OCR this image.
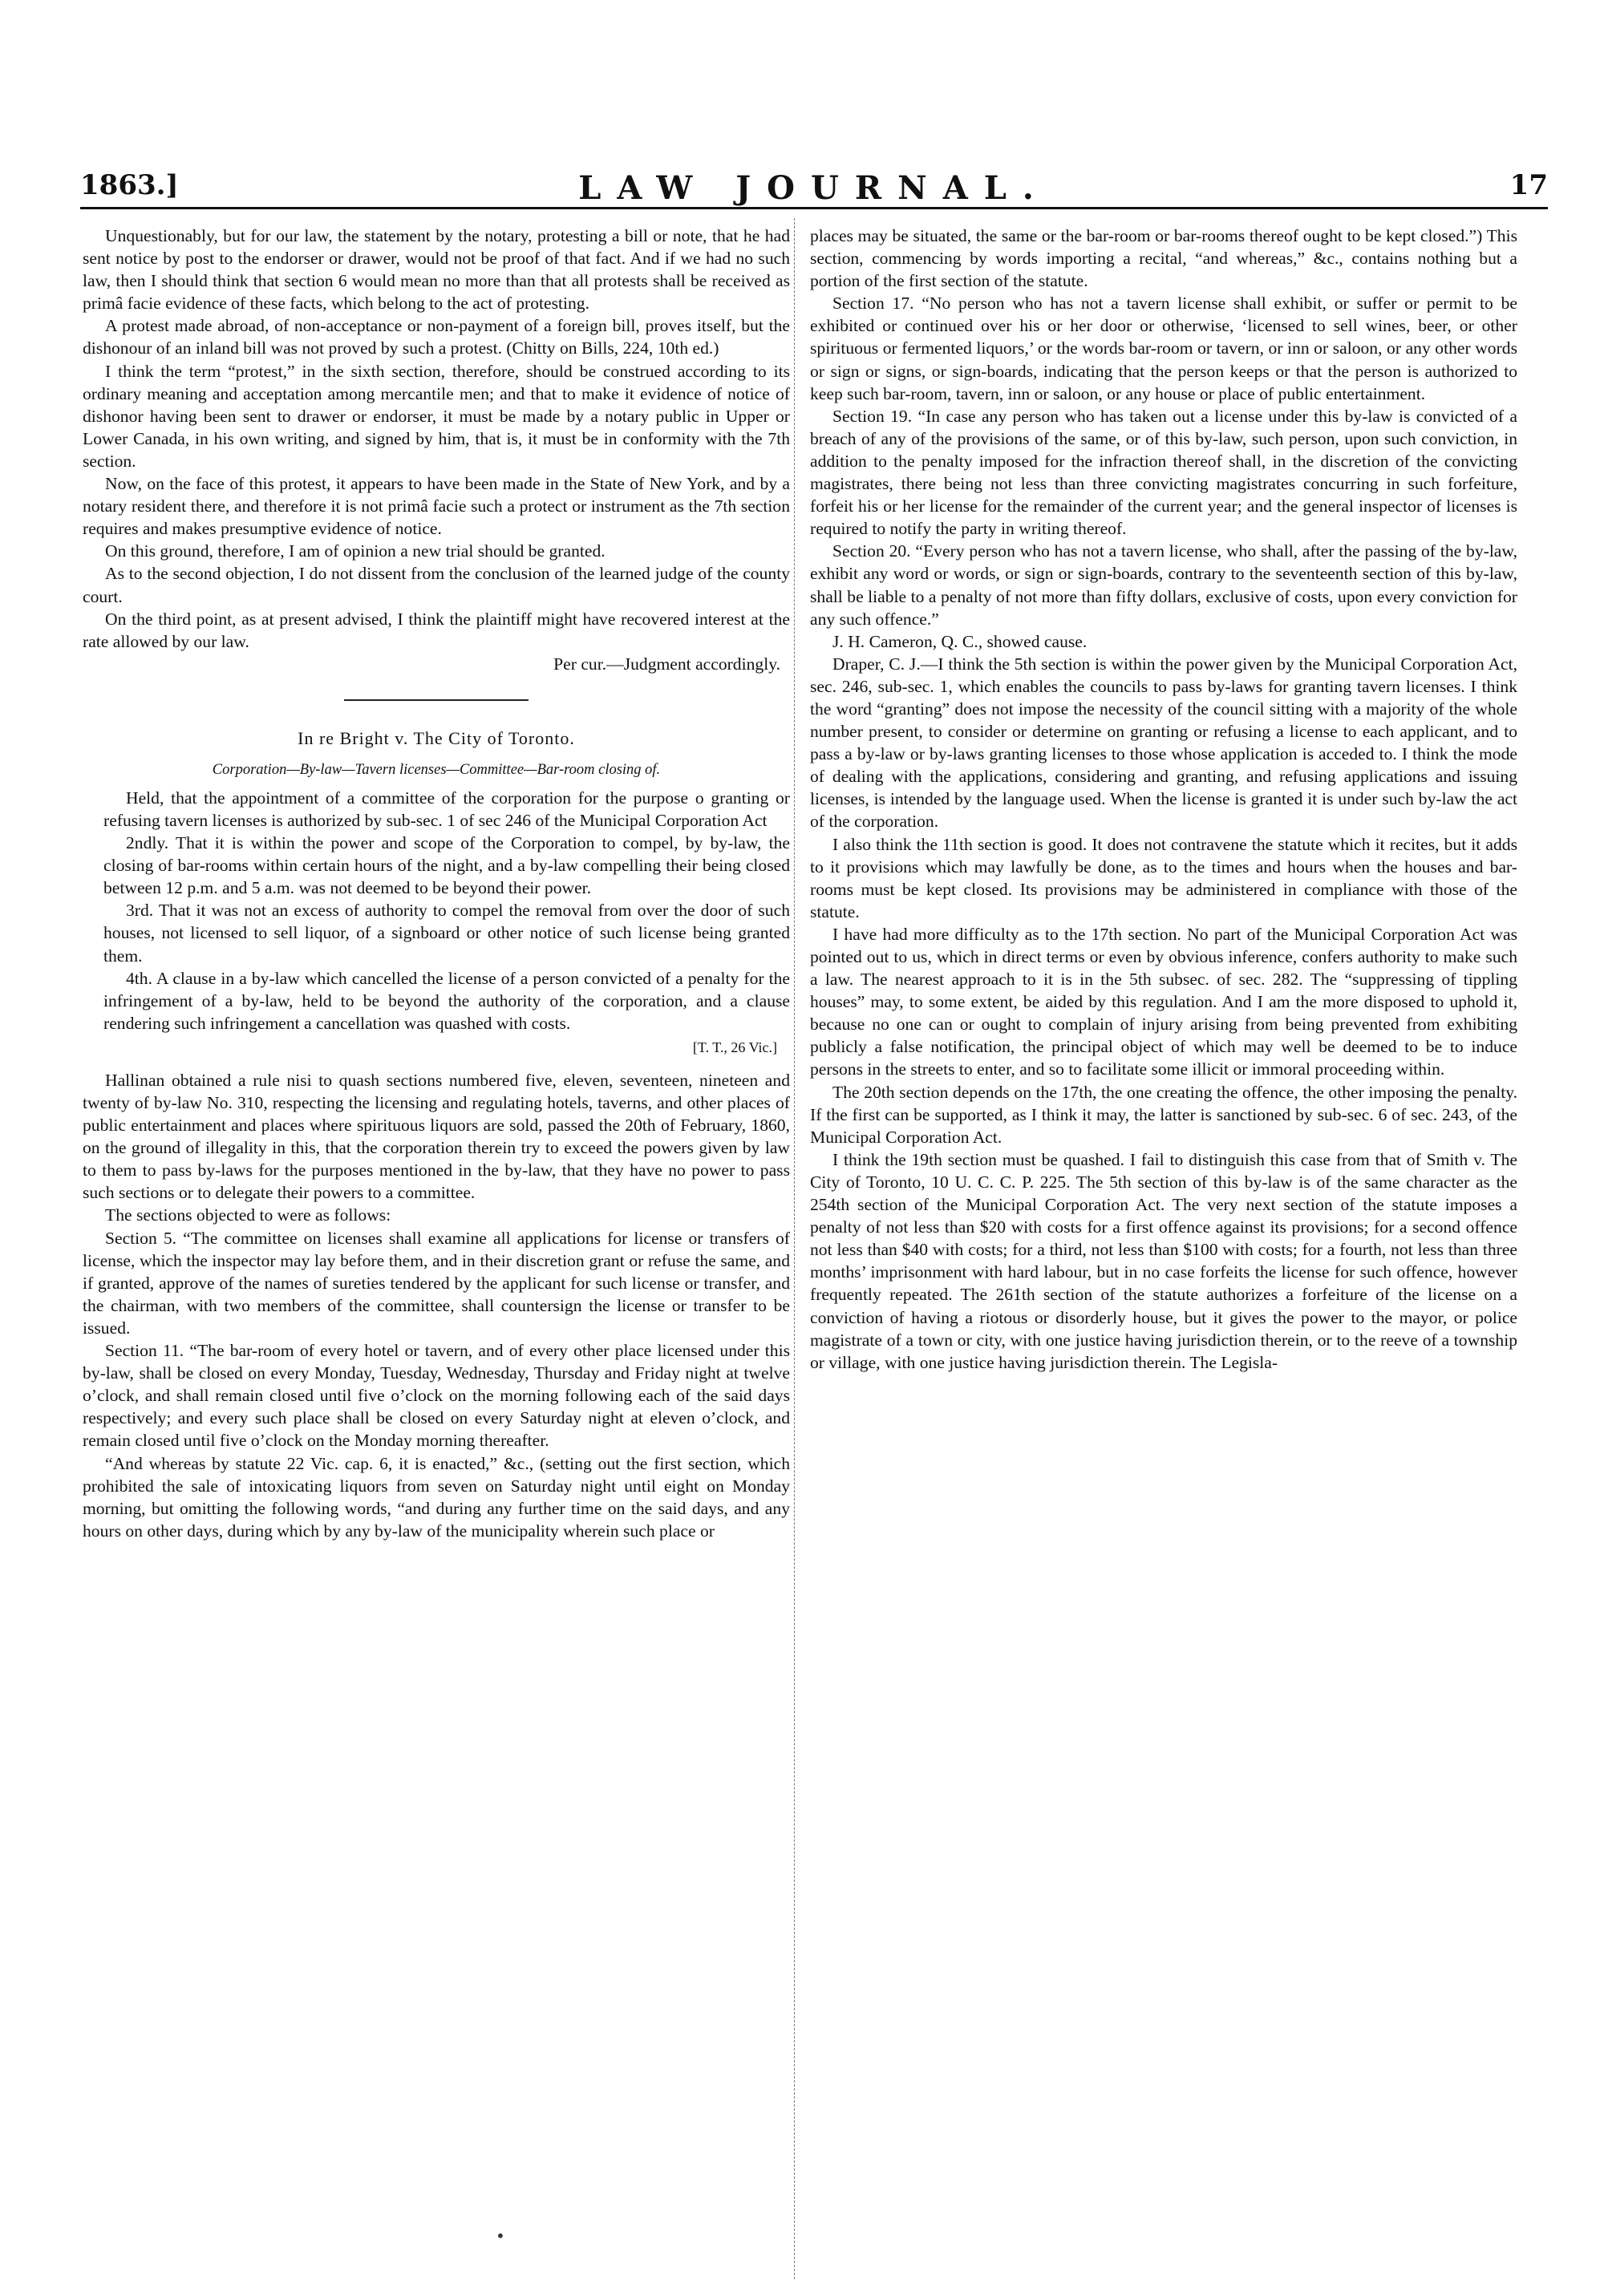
1863.]	LAW JOURNAL.	17

Unquestionably, but for our law, the statement by the notary, protesting a bill or note, that he had sent notice by post to the endorser or drawer, would not be proof of that fact. And if we had no such law, then I should think that section 6 would mean no more than that all protests shall be received as primâ facie evidence of these facts, which belong to the act of protesting.

A protest made abroad, of non-acceptance or non-payment of a foreign bill, proves itself, but the dishonour of an inland bill was not proved by such a protest. (Chitty on Bills, 224, 10th ed.)

I think the term “protest,” in the sixth section, therefore, should be construed according to its ordinary meaning and acceptation among mercantile men; and that to make it evidence of notice of dishonor having been sent to drawer or endorser, it must be made by a notary public in Upper or Lower Canada, in his own writing, and signed by him, that is, it must be in conformity with the 7th section.

Now, on the face of this protest, it appears to have been made in the State of New York, and by a notary resident there, and therefore it is not primâ facie such a protect or instrument as the 7th section requires and makes presumptive evidence of notice.

On this ground, therefore, I am of opinion a new trial should be granted.

As to the second objection, I do not dissent from the conclusion of the learned judge of the county court.

On the third point, as at present advised, I think the plaintiff might have recovered interest at the rate allowed by our law.

Per cur.—Judgment accordingly.

In re Bright v. The City of Toronto.
Corporation—By-law—Tavern licenses—Committee—Bar-room closing of.

Held, that the appointment of a committee of the corporation for the purpose o granting or refusing tavern licenses is authorized by sub-sec. 1 of sec 246 of the Municipal Corporation Act

2ndly. That it is within the power and scope of the Corporation to compel, by by-law, the closing of bar-rooms within certain hours of the night, and a by-law compelling their being closed between 12 p.m. and 5 a.m. was not deemed to be beyond their power.

3rd. That it was not an excess of authority to compel the removal from over the door of such houses, not licensed to sell liquor, of a signboard or other notice of such license being granted them.

4th. A clause in a by-law which cancelled the license of a person convicted of a penalty for the infringement of a by-law, held to be beyond the authority of the corporation, and a clause rendering such infringement a cancellation was quashed with costs.

[T. T., 26 Vic.]

Hallinan obtained a rule nisi to quash sections numbered five, eleven, seventeen, nineteen and twenty of by-law No. 310, respecting the licensing and regulating hotels, taverns, and other places of public entertainment and places where spirituous liquors are sold, passed the 20th of February, 1860, on the ground of illegality in this, that the corporation therein try to exceed the powers given by law to them to pass by-laws for the purposes mentioned in the by-law, that they have no power to pass such sections or to delegate their powers to a committee.

The sections objected to were as follows:

Section 5. “The committee on licenses shall examine all applications for license or transfers of license, which the inspector may lay before them, and in their discretion grant or refuse the same, and if granted, approve of the names of sureties tendered by the applicant for such license or transfer, and the chairman, with two members of the committee, shall countersign the license or transfer to be issued.

Section 11. “The bar-room of every hotel or tavern, and of every other place licensed under this by-law, shall be closed on every Monday, Tuesday, Wednesday, Thursday and Friday night at twelve o’clock, and shall remain closed until five o’clock on the morning following each of the said days respectively; and every such place shall be closed on every Saturday night at eleven o’clock, and remain closed until five o’clock on the Monday morning thereafter.

“And whereas by statute 22 Vic. cap. 6, it is enacted,” &c., (setting out the first section, which prohibited the sale of intoxicating liquors from seven on Saturday night until eight on Monday morning, but omitting the following words, “and during any further time on the said days, and any hours on other days, during which by any by-law of the municipality wherein such place or

places may be situated, the same or the bar-room or bar-rooms thereof ought to be kept closed.”) This section, commencing by words importing a recital, “and whereas,” &c., contains nothing but a portion of the first section of the statute.

Section 17. “No person who has not a tavern license shall exhibit, or suffer or permit to be exhibited or continued over his or her door or otherwise, ‘licensed to sell wines, beer, or other spirituous or fermented liquors,’ or the words bar-room or tavern, or inn or saloon, or any other words or sign or signs, or sign-boards, indicating that the person keeps or that the person is authorized to keep such bar-room, tavern, inn or saloon, or any house or place of public entertainment.

Section 19. “In case any person who has taken out a license under this by-law is convicted of a breach of any of the provisions of the same, or of this by-law, such person, upon such conviction, in addition to the penalty imposed for the infraction thereof shall, in the discretion of the convicting magistrates, there being not less than three convicting magistrates concurring in such forfeiture, forfeit his or her license for the remainder of the current year; and the general inspector of licenses is required to notify the party in writing thereof.

Section 20. “Every person who has not a tavern license, who shall, after the passing of the by-law, exhibit any word or words, or sign or sign-boards, contrary to the seventeenth section of this by-law, shall be liable to a penalty of not more than fifty dollars, exclusive of costs, upon every conviction for any such offence.”

J. H. Cameron, Q. C., showed cause.

Draper, C. J.—I think the 5th section is within the power given by the Municipal Corporation Act, sec. 246, sub-sec. 1, which enables the councils to pass by-laws for granting tavern licenses. I think the word “granting” does not impose the necessity of the council sitting with a majority of the whole number present, to consider or determine on granting or refusing a license to each applicant, and to pass a by-law or by-laws granting licenses to those whose application is acceded to. I think the mode of dealing with the applications, considering and granting, and refusing applications and issuing licenses, is intended by the language used. When the license is granted it is under such by-law the act of the corporation.

I also think the 11th section is good. It does not contravene the statute which it recites, but it adds to it provisions which may lawfully be done, as to the times and hours when the houses and bar-rooms must be kept closed. Its provisions may be administered in compliance with those of the statute.

I have had more difficulty as to the 17th section. No part of the Municipal Corporation Act was pointed out to us, which in direct terms or even by obvious inference, confers authority to make such a law. The nearest approach to it is in the 5th subsec. of sec. 282. The “suppressing of tippling houses” may, to some extent, be aided by this regulation. And I am the more disposed to uphold it, because no one can or ought to complain of injury arising from being prevented from exhibiting publicly a false notification, the principal object of which may well be deemed to be to induce persons in the streets to enter, and so to facilitate some illicit or immoral proceeding within.

The 20th section depends on the 17th, the one creating the offence, the other imposing the penalty. If the first can be supported, as I think it may, the latter is sanctioned by sub-sec. 6 of sec. 243, of the Municipal Corporation Act.

I think the 19th section must be quashed. I fail to distinguish this case from that of Smith v. The City of Toronto, 10 U. C. C. P. 225. The 5th section of this by-law is of the same character as the 254th section of the Municipal Corporation Act. The very next section of the statute imposes a penalty of not less than $20 with costs for a first offence against its provisions; for a second offence not less than $40 with costs; for a third, not less than $100 with costs; for a fourth, not less than three months’ imprisonment with hard labour, but in no case forfeits the license for such offence, however frequently repeated. The 261th section of the statute authorizes a forfeiture of the license on a conviction of having a riotous or disorderly house, but it gives the power to the mayor, or police magistrate of a town or city, with one justice having jurisdiction therein, or to the reeve of a township or village, with one justice having jurisdiction therein. The Legisla-

•
